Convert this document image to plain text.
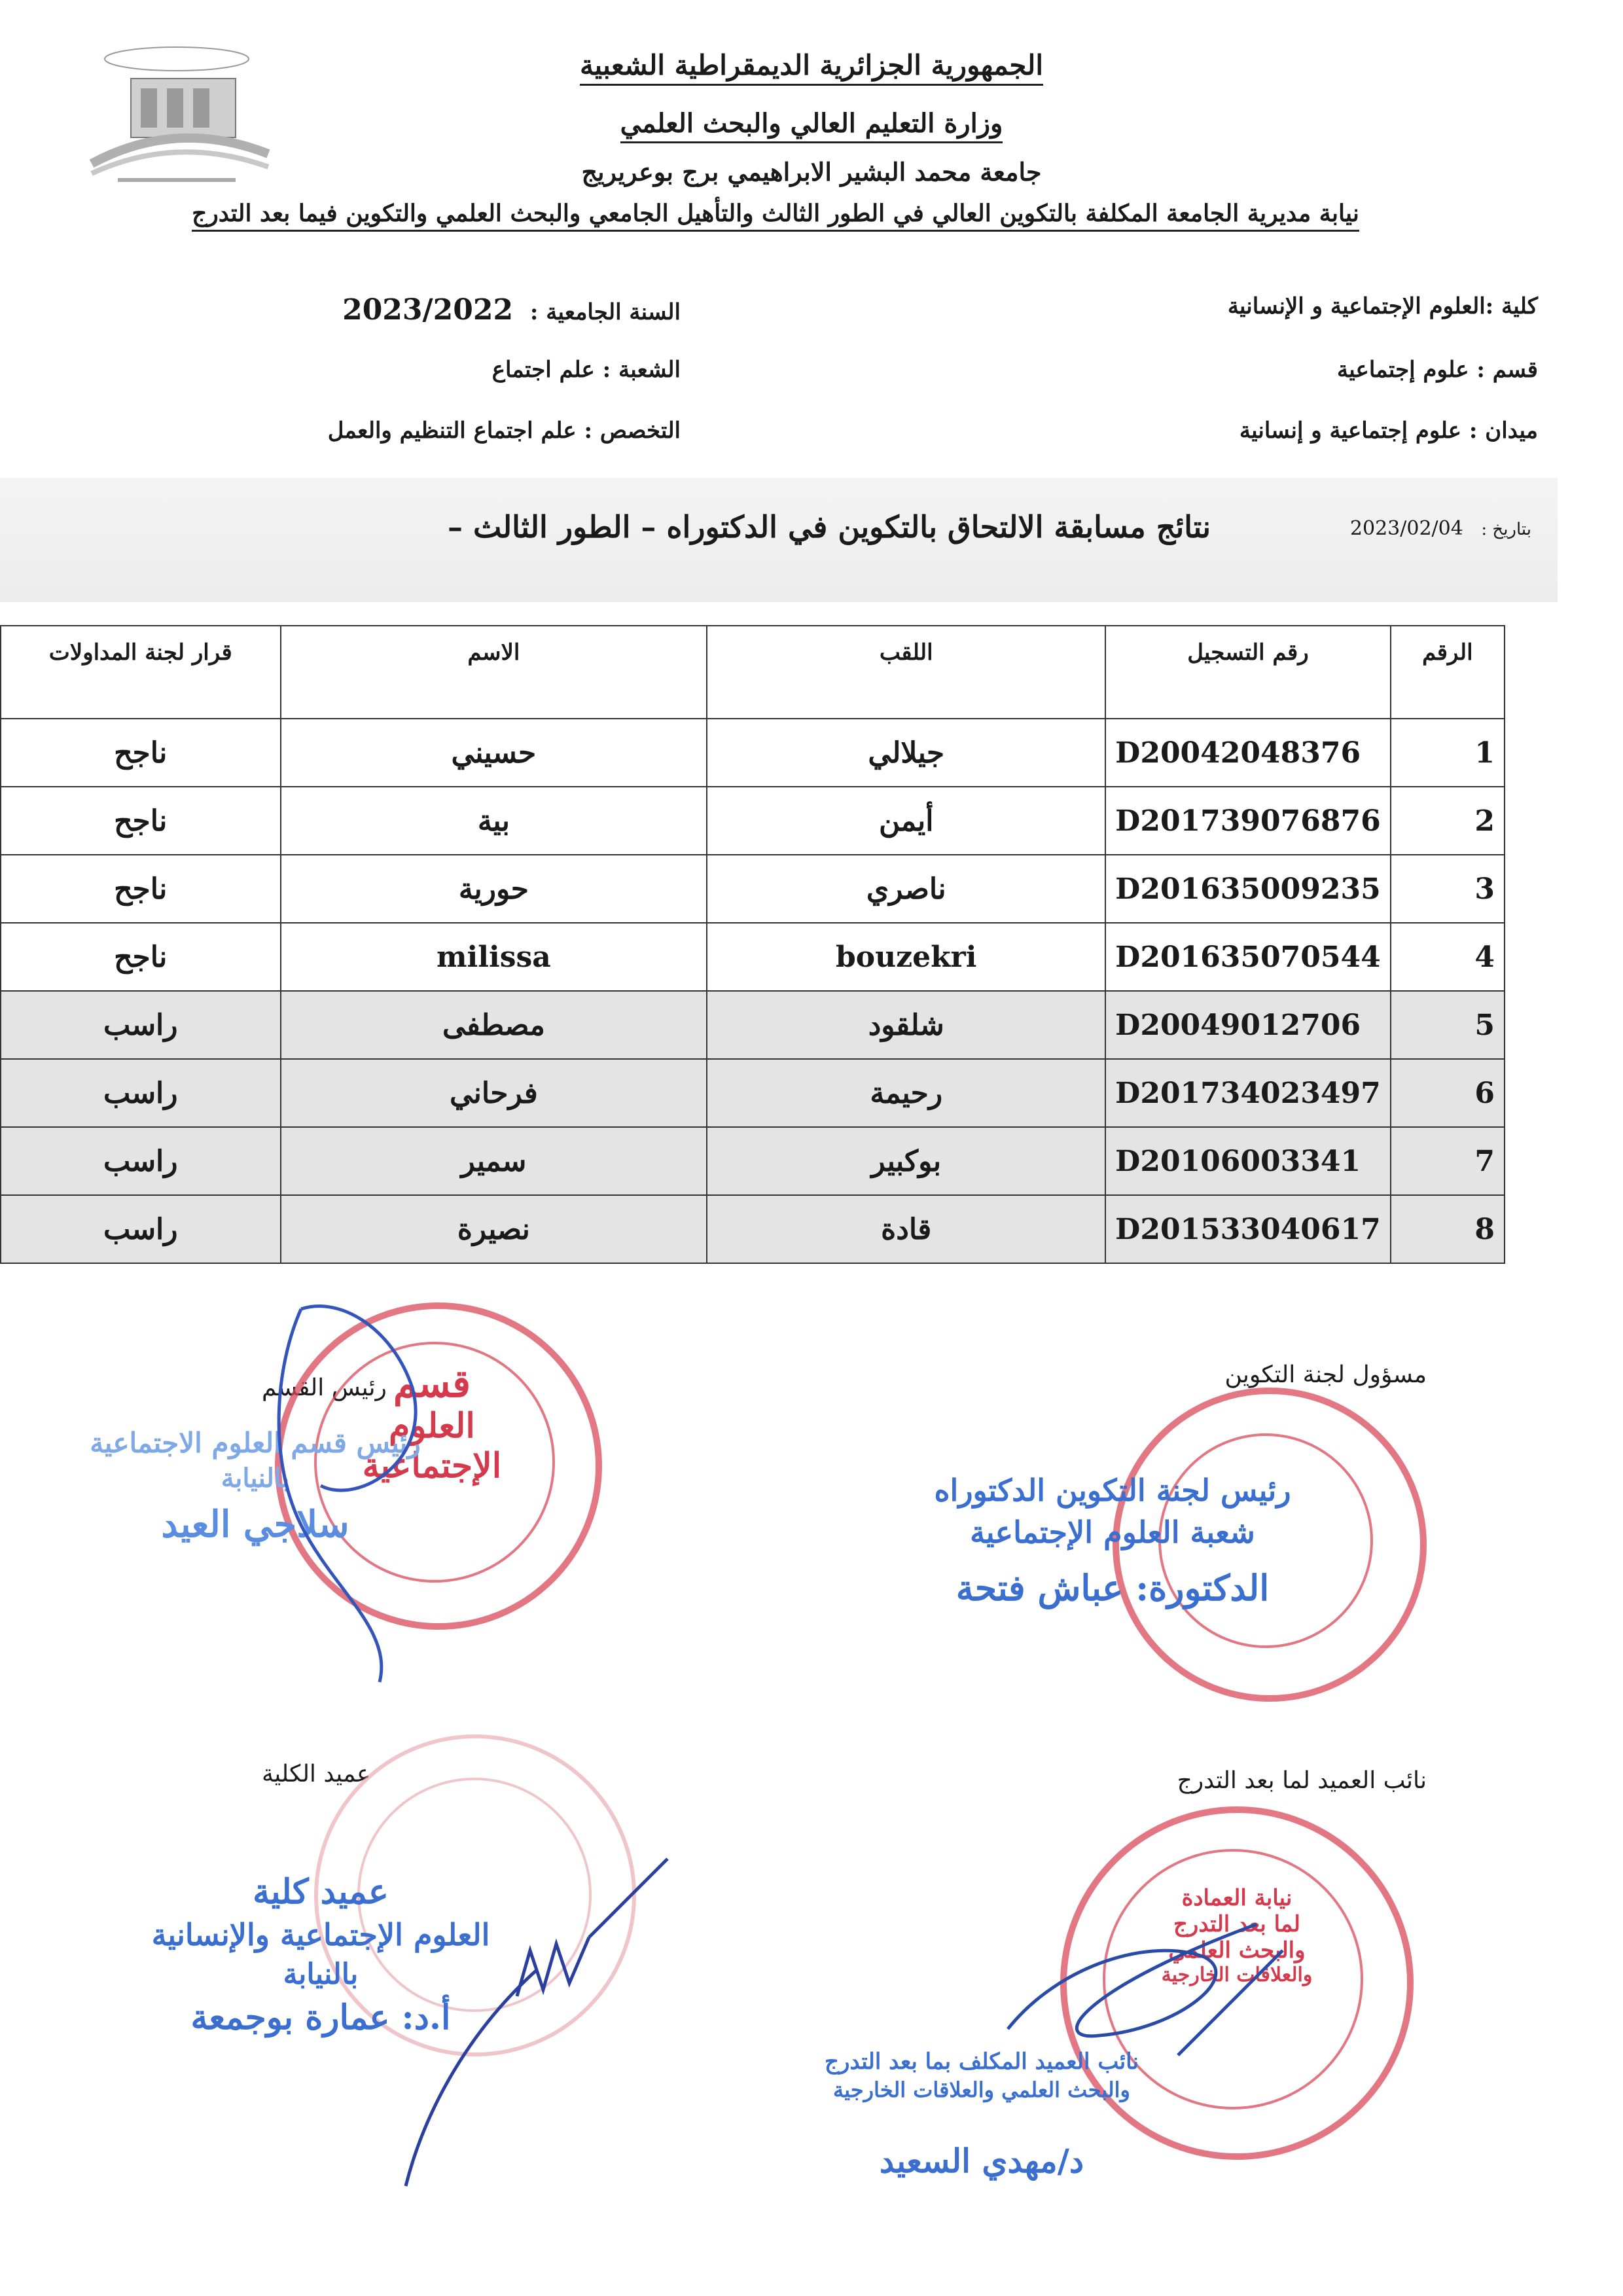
الجمهورية الجزائرية الديمقراطية الشعبية
وزارة التعليم العالي والبحث العلمي
جامعة محمد البشير الابراهيمي برج بوعريريج
نيابة مديرية الجامعة المكلفة بالتكوين العالي في الطور الثالث والتأهيل الجامعي والبحث العلمي والتكوين فيما بعد التدرج
كلية :العلوم الإجتماعية و الإنسانية
قسم : علوم إجتماعية
ميدان : علوم إجتماعية و إنسانية
السنة الجامعية : 2023/2022
الشعبة : علم اجتماع
التخصص : علم اجتماع التنظيم والعمل
بتاريخ : 2023/02/04
نتائج مسابقة الالتحاق بالتكوين في الدكتوراه – الطور الثالث –
الرقم	رقم التسجيل	اللقب	الاسم	قرار لجنة المداولات
1	D20042048376	جيلالي	حسيني	ناجح
2	D201739076876	أيمن	بية	ناجح
3	D201635009235	ناصري	حورية	ناجح
4	D201635070544	bouzekri	milissa	ناجح
5	D20049012706	شلقود	مصطفى	راسب
6	D201734023497	رحيمة	فرحاني	راسب
7	D20106003341	بوكبير	سمير	راسب
8	D201533040617	قادة	نصيرة	راسب
مسؤول لجنة التكوين
رئيس لجنة التكوين الدكتوراه
شعبة العلوم الإجتماعية
الدكتورة: عباش فتحة
رئيس القسم قسم
العلوم
الإجتماعية
رئيس قسم العلوم الاجتماعية
بالنيابة
سلاجي العيد
نائب العميد لما بعد التدرج
نيابة العمادة
لما بعد التدرج
والبحث العلمي
والعلاقات الخارجية
نائب العميد المكلف بما بعد التدرج
والبحث العلمي والعلاقات الخارجية
د/مهدي السعيد
عميد الكلية
عميد كلية
العلوم الإجتماعية والإنسانية
بالنيابة
أ.د: عمارة بوجمعة
